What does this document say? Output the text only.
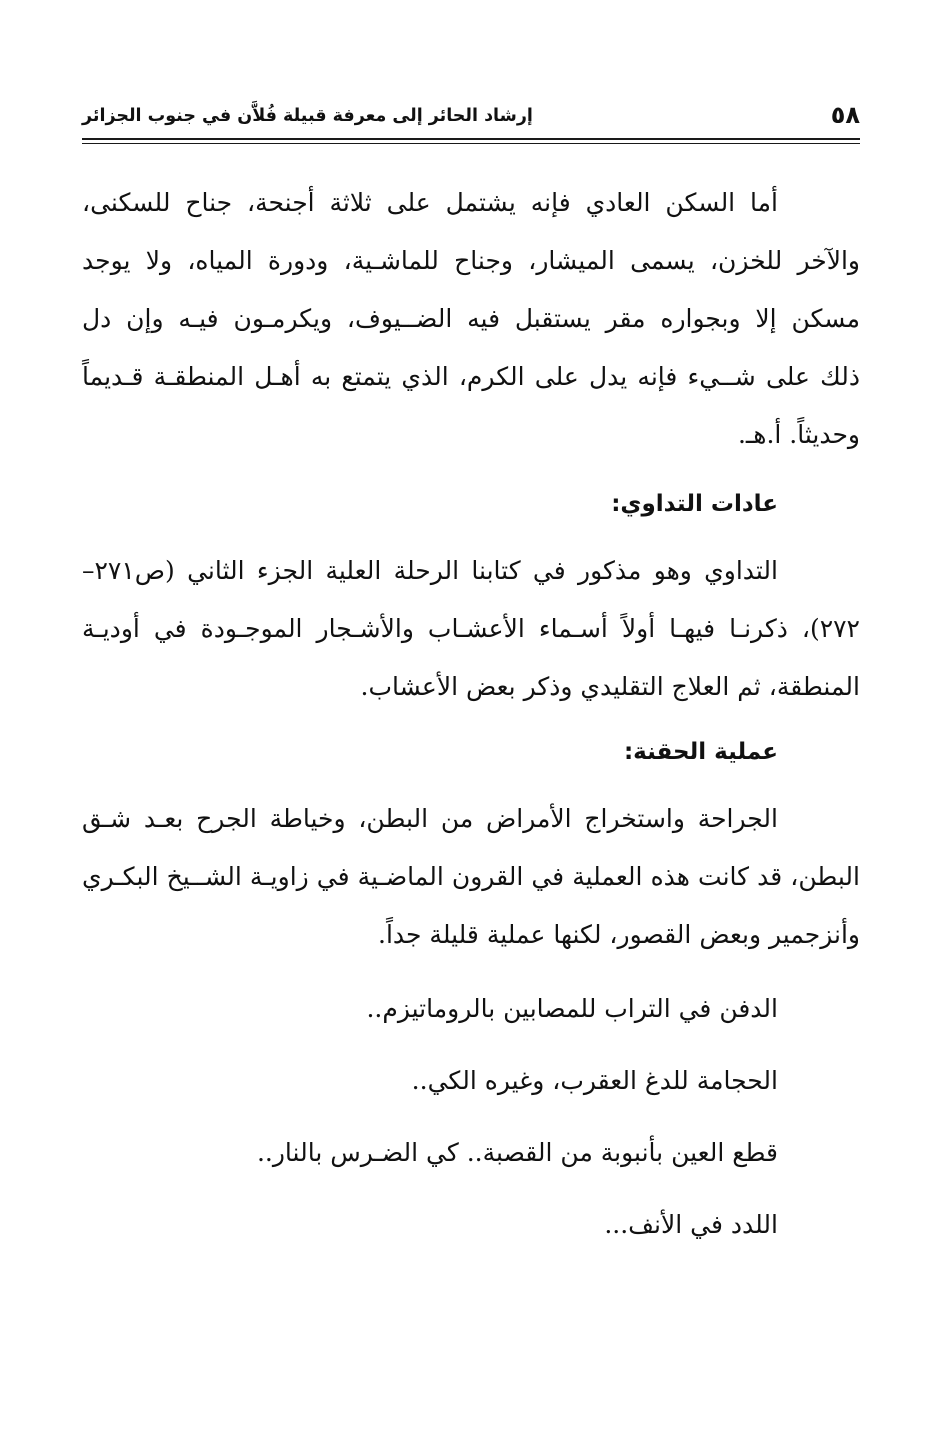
٥٨
إرشاد الحائر إلى معرفة قبيلة فُلاَّن في جنوب الجزائر
أما السكن العادي فإنه يشتمل على ثلاثة أجنحة، جناح للسكنى،
والآخر للخزن، يسمى الميشار، وجناح للماشـية، ودورة المياه، ولا يوجد
مسكن إلا وبجواره مقر يستقبل فيه الضــيوف، ويكرمـون فيـه وإن دل
ذلك على شــيء فإنه يدل على الكرم، الذي يتمتع به أهـل المنطقـة قـديماً
وحديثاً. أ.هـ.
عادات التداوي:
التداوي وهو مذكور في كتابنا الرحلة العلية الجزء الثاني (ص٢٧١–
٢٧٢)، ذكرنـا فيهـا أولاً أسـماء الأعشـاب والأشـجار الموجـودة في أوديـة
المنطقة، ثم العلاج التقليدي وذكر بعض الأعشاب.
عملية الحقنة:
الجراحة واستخراج الأمراض من البطن، وخياطة الجرح بعـد شـق
البطن، قد كانت هذه العملية في القرون الماضـية في زاويـة الشــيخ البكـري
وأنزجمير وبعض القصور، لكنها عملية قليلة جداً.

الدفن في التراب للمصابين بالروماتيزم..

الحجامة للدغ العقرب، وغيره الكي..

قطع العين بأنبوبة من القصبة.. كي الضـرس بالنار..

اللدد في الأنف...
